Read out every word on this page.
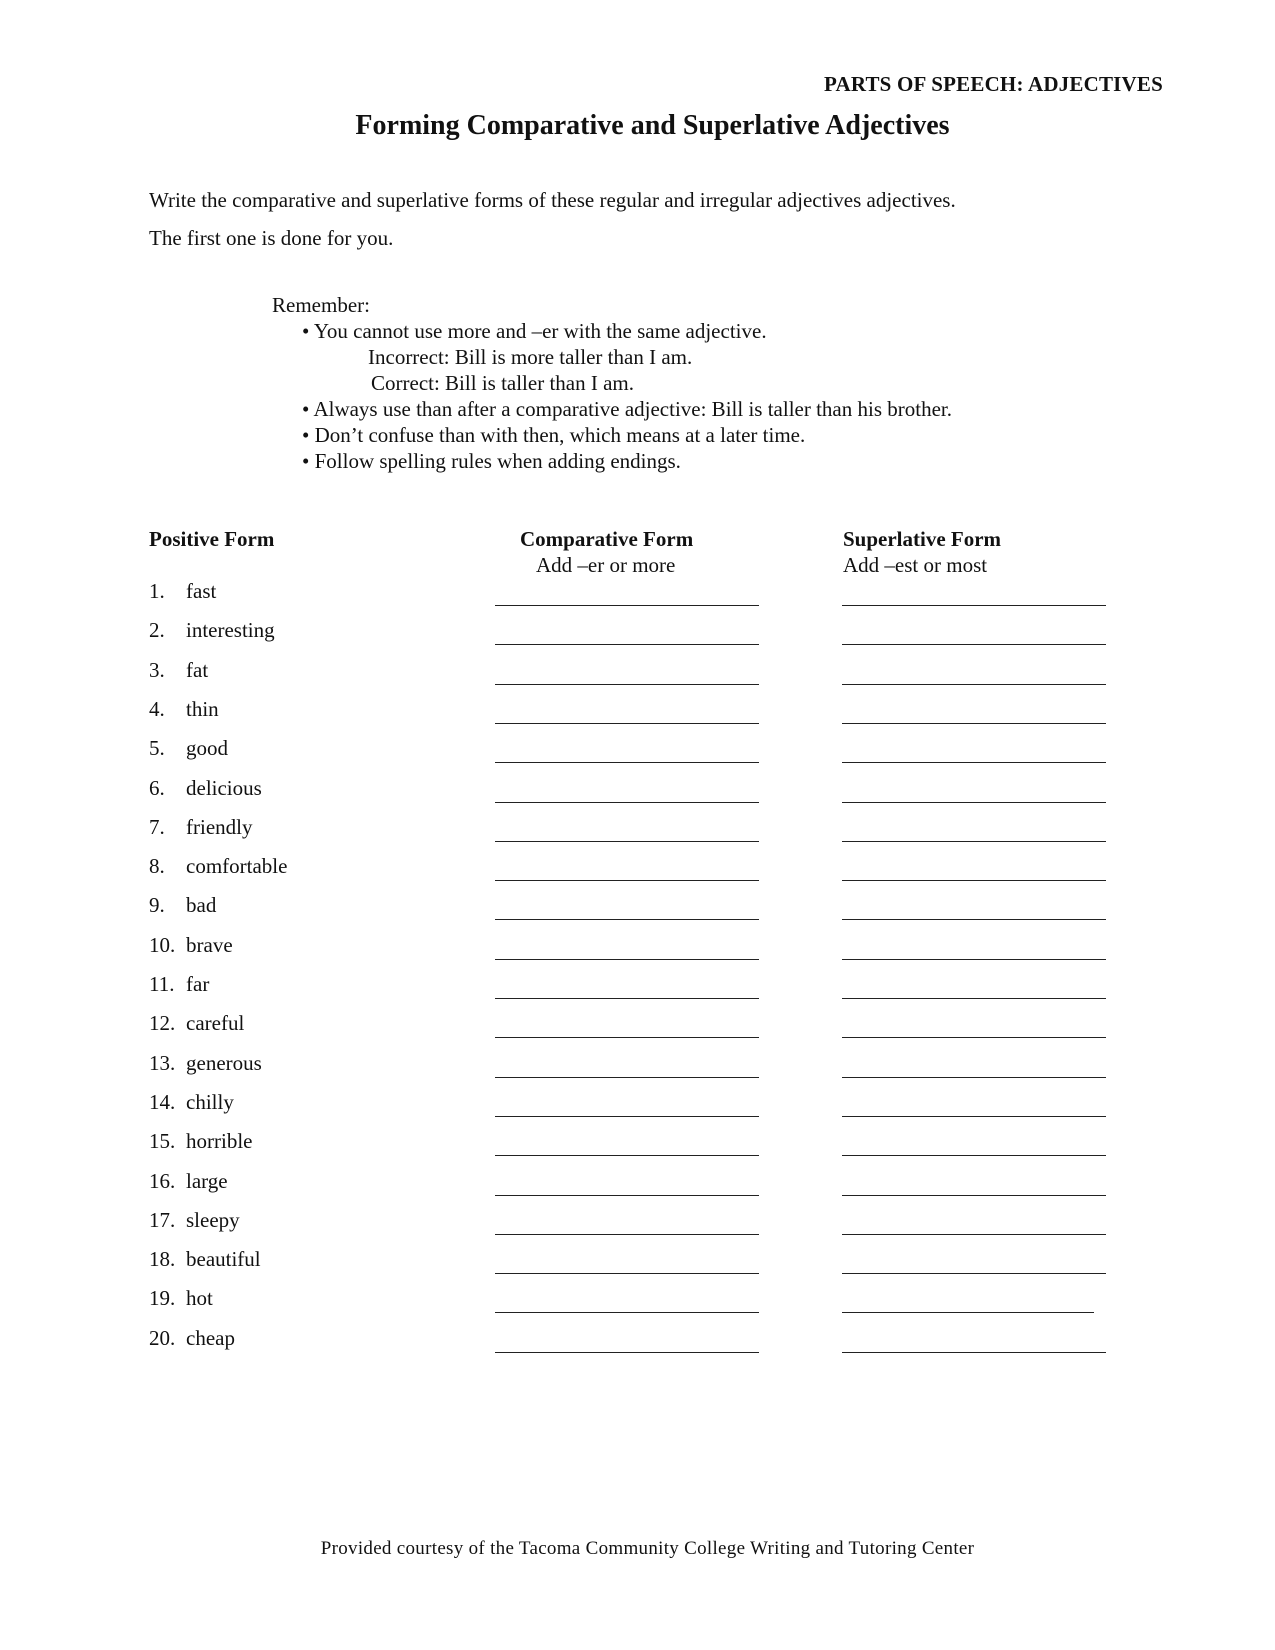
PARTS OF SPEECH: ADJECTIVES
Forming Comparative and Superlative Adjectives
Write the comparative and superlative forms of these regular and irregular adjectives adjectives.
The first one is done for you.
Remember:
• You cannot use more and –er with the same adjective.
Incorrect: Bill is more taller than I am.
Correct: Bill is taller than I am.
• Always use than after a comparative adjective: Bill is taller than his brother.
• Don’t confuse than with then, which means at a later time.
• Follow spelling rules when adding endings.
Positive Form	Comparative Form
Add –er or more
Superlative Form
Add –est or most
1. fast
2. interesting
3. fat
4. thin
5. good
6. delicious
7. friendly
8. comfortable
9. bad
10. brave
11. far
12. careful
13. generous
14. chilly
15. horrible
16. large
17. sleepy
18. beautiful
19. hot
20. cheap
Provided courtesy of the Tacoma Community College Writing and Tutoring Center
